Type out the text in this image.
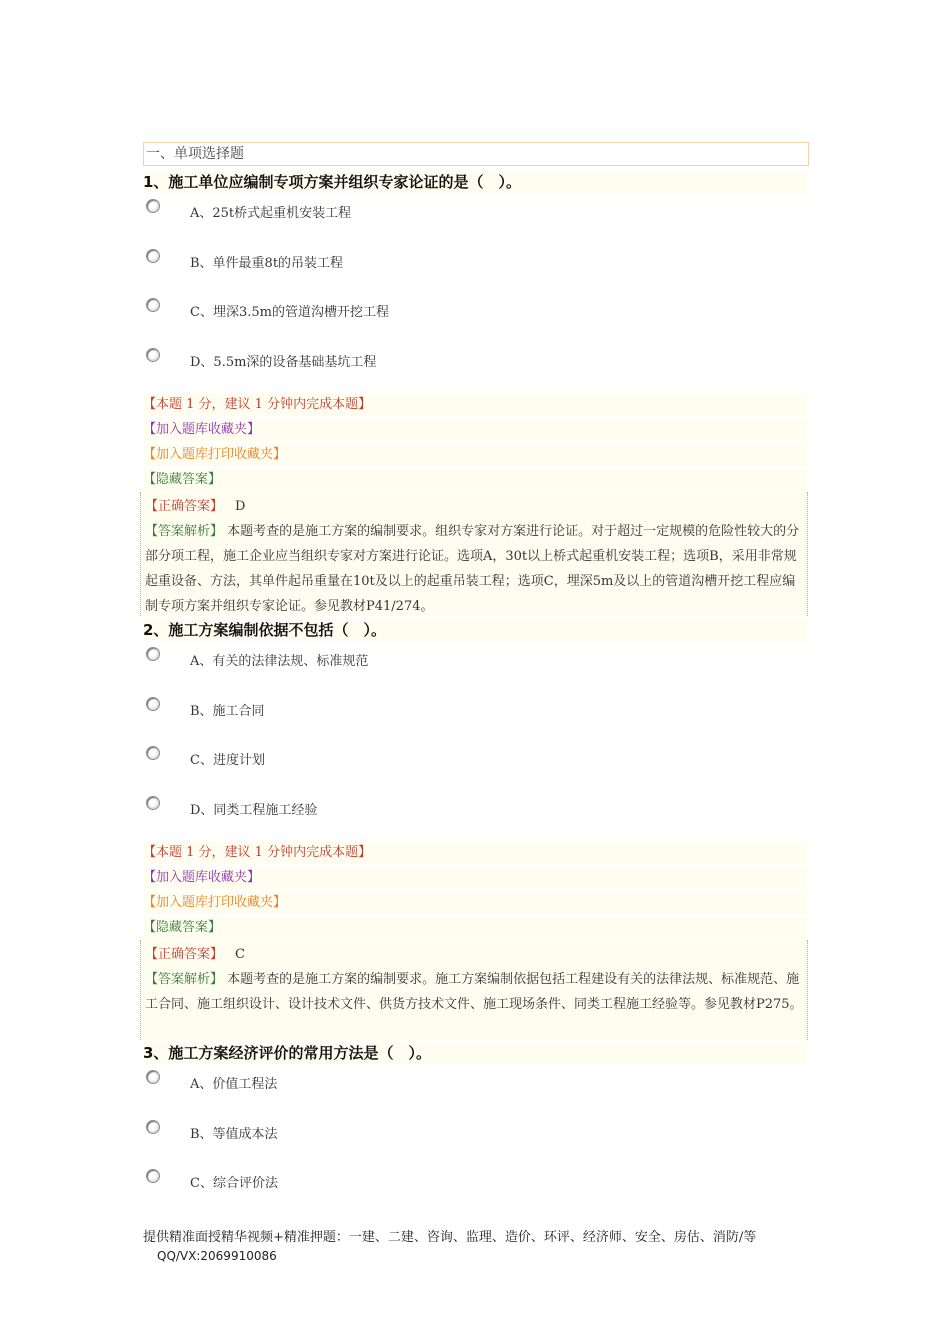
一、单项选择题
1、施工单位应编制专项方案并组织专家论证的是（　）。
A、25t桥式起重机安装工程
B、单件最重8t的吊装工程
C、埋深3.5m的管道沟槽开挖工程
D、5.5m深的设备基础基坑工程
【本题 1 分，建议 1 分钟内完成本题】
【加入题库收藏夹】
【加入题库打印收藏夹】
【隐藏答案】
【正确答案】 D
【答案解析】 本题考查的是施工方案的编制要求。组织专家对方案进行论证。对于超过一定规模的危险性较大的分部分项工程，施工企业应当组织专家对方案进行论证。选项A，30t以上桥式起重机安装工程；选项B，采用非常规起重设备、方法，其单件起吊重量在10t及以上的起重吊装工程；选项C，埋深5m及以上的管道沟槽开挖工程应编制专项方案并组织专家论证。参见教材P41/274。
2、施工方案编制依据不包括（　）。
A、有关的法律法规、标准规范
B、施工合同
C、进度计划
D、同类工程施工经验
【本题 1 分，建议 1 分钟内完成本题】
【加入题库收藏夹】
【加入题库打印收藏夹】
【隐藏答案】
【正确答案】 C
【答案解析】 本题考查的是施工方案的编制要求。施工方案编制依据包括工程建设有关的法律法规、标准规范、施工合同、施工组织设计、设计技术文件、供货方技术文件、施工现场条件、同类工程施工经验等。参见教材P275。
3、施工方案经济评价的常用方法是（　）。
A、价值工程法
B、等值成本法
C、综合评价法
提供精准面授精华视频+精准押题：一建、二建、咨询、监理、造价、环评、经济师、安全、房估、消防/等QQ/VX:2069910086
